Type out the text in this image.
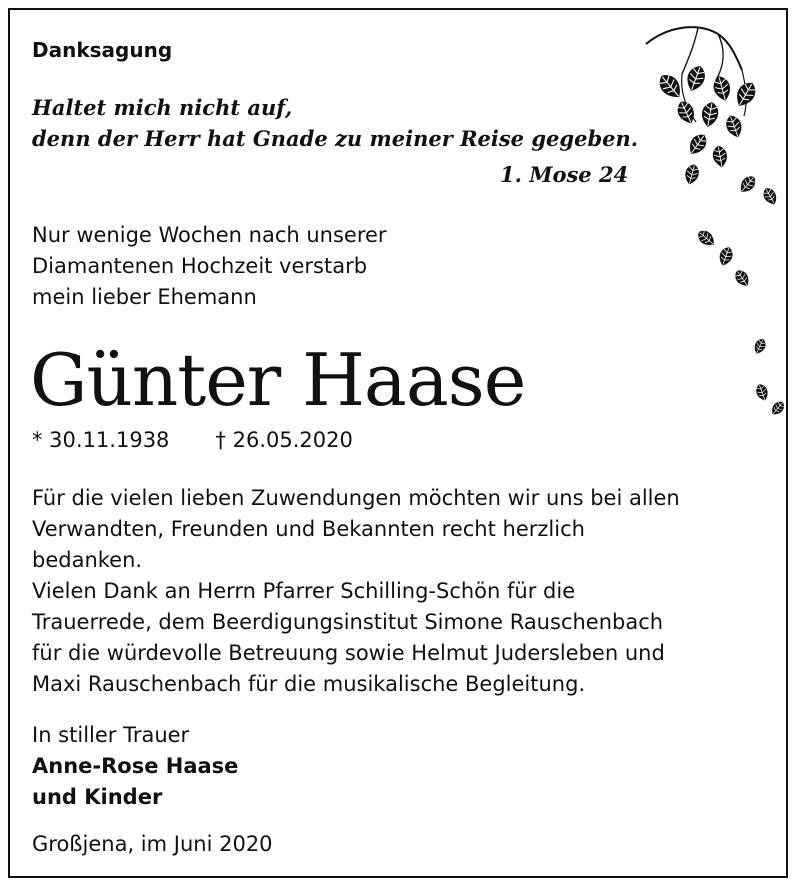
Danksagung
Haltet mich nicht auf,
denn der Herr hat Gnade zu meiner Reise gegeben.
1. Mose 24
Nur wenige Wochen nach unserer
Diamantenen Hochzeit verstarb
mein lieber Ehemann
Günter Haase
* 30.11.1938 † 26.05.2020
Für die vielen lieben Zuwendungen möchten wir uns bei allen
Verwandten, Freunden und Bekannten recht herzlich
bedanken.
Vielen Dank an Herrn Pfarrer Schilling-Schön für die
Trauerrede, dem Beerdigungsinstitut Simone Rauschenbach
für die würdevolle Betreuung sowie Helmut Judersleben und
Maxi Rauschenbach für die musikalische Begleitung.
In stiller Trauer
Anne-Rose Haase
und Kinder
Großjena, im Juni 2020
